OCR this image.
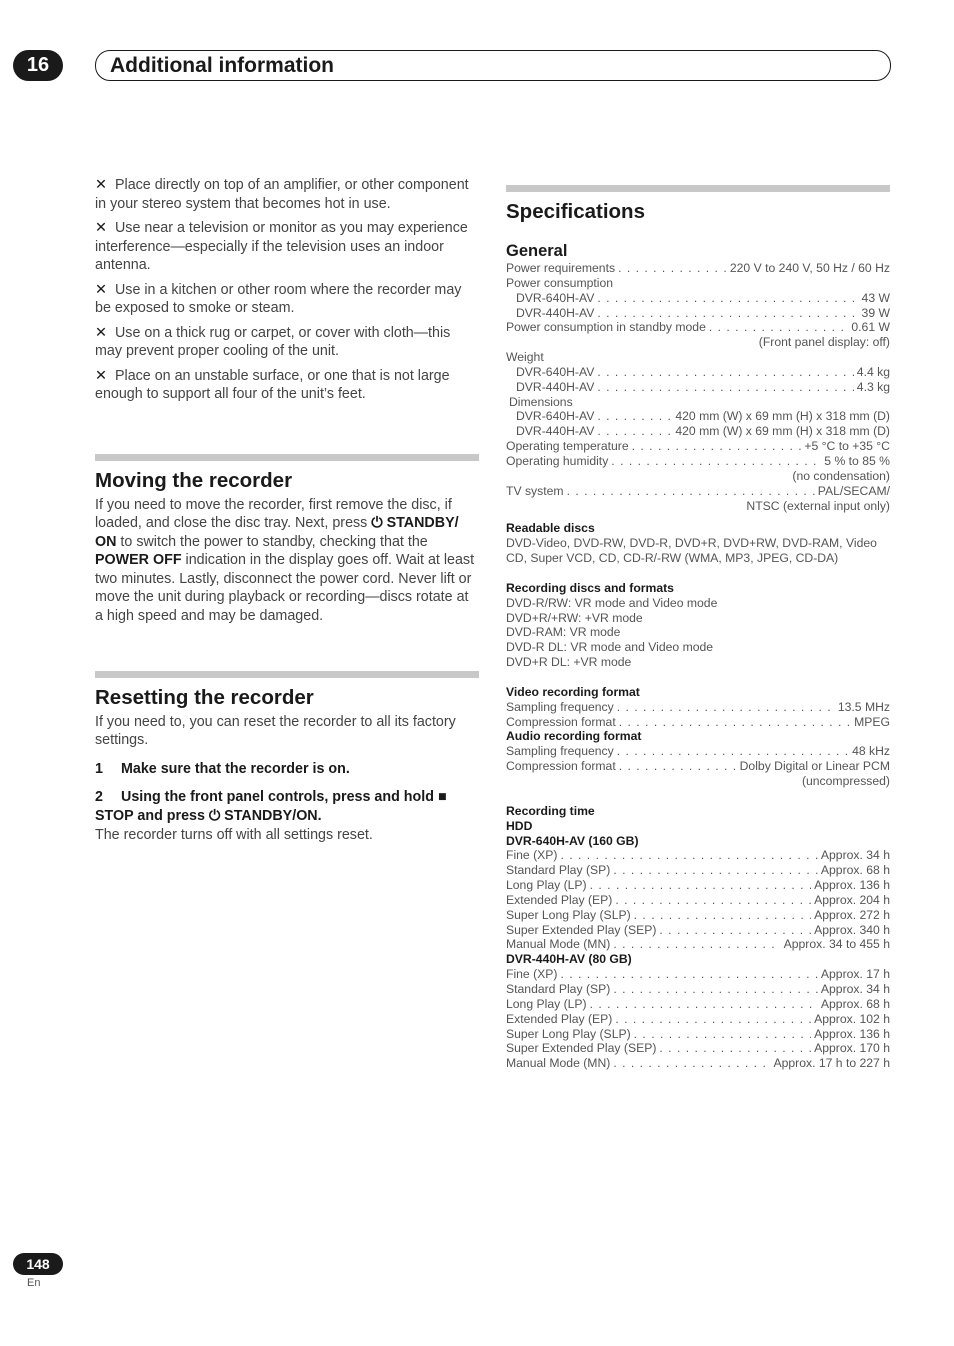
16	Additional information

✕ Place directly on top of an amplifier, or other component in your stereo system that becomes hot in use.

✕ Use near a television or monitor as you may experience interference—especially if the television uses an indoor antenna.

✕ Use in a kitchen or other room where the recorder may be exposed to smoke or steam.

✕ Use on a thick rug or carpet, or cover with cloth—this may prevent proper cooling of the unit.

✕ Place on an unstable surface, or one that is not large enough to support all four of the unit’s feet.

Moving the recorder

If you need to move the recorder, first remove the disc, if loaded, and close the disc tray. Next, press ⏻ STANDBY/ ON to switch the power to standby, checking that the POWER OFF indication in the display goes off. Wait at least two minutes. Lastly, disconnect the power cord. Never lift or move the unit during playback or recording—discs rotate at a high speed and may be damaged.

Resetting the recorder

If you need to, you can reset the recorder to all its factory settings.

1 Make sure that the recorder is on.

2 Using the front panel controls, press and hold ■ STOP and press ⏻ STANDBY/ON.

The recorder turns off with all settings reset.

Specifications
General
Power requirements . . .	220 V to 240 V, 50 Hz / 60 Hz
Power consumption
DVR-640H-AV . . .	43 W
DVR-440H-AV . . .	39 W
Power consumption in standby mode . . .	0.61 W
(Front panel display: off)
Weight
DVR-640H-AV . . .	4.4 kg
DVR-440H-AV . . .	4.3 kg
Dimensions
DVR-640H-AV . . .	420 mm (W) x 69 mm (H) x 318 mm (D)
DVR-440H-AV . . .	420 mm (W) x 69 mm (H) x 318 mm (D)
Operating temperature . . .	+5 °C to +35 °C
Operating humidity . . .	5 % to 85 %
(no condensation)
TV system . . .	PAL/SECAM/
NTSC (external input only)
Readable discs
DVD-Video, DVD-RW, DVD-R, DVD+R, DVD+RW, DVD-RAM, Video CD, Super VCD, CD, CD-R/-RW (WMA, MP3, JPEG, CD-DA)
Recording discs and formats
DVD-R/RW: VR mode and Video mode
DVD+R/+RW: +VR mode
DVD-RAM: VR mode
DVD-R DL: VR mode and Video mode
DVD+R DL: +VR mode
Video recording format
Sampling frequency . . .	13.5 MHz
Compression format . . .	MPEG
Audio recording format
Sampling frequency . . .	48 kHz
Compression format . . .	Dolby Digital or Linear PCM
(uncompressed)
Recording time
HDD
DVR-640H-AV (160 GB)
Fine (XP) . . .	Approx. 34 h
Standard Play (SP) . . .	Approx. 68 h
Long Play (LP) . . .	Approx. 136 h
Extended Play (EP) . . .	Approx. 204 h
Super Long Play (SLP) . . .	Approx. 272 h
Super Extended Play (SEP) . . .	Approx. 340 h
Manual Mode (MN) . . .	Approx. 34 to 455 h
DVR-440H-AV (80 GB)
Fine (XP) . . .	Approx. 17 h
Standard Play (SP) . . .	Approx. 34 h
Long Play (LP) . . .	Approx. 68 h
Extended Play (EP) . . .	Approx. 102 h
Super Long Play (SLP) . . .	Approx. 136 h
Super Extended Play (SEP) . . .	Approx. 170 h
Manual Mode (MN) . . .	Approx. 17 h to 227 h
148
En
